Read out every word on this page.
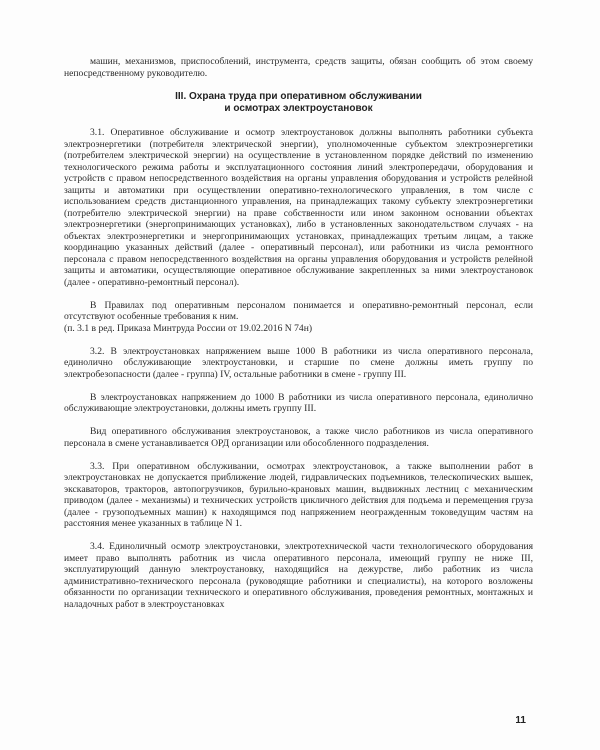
машин, механизмов, приспособлений, инструмента, средств защиты, обязан сообщить об этом своему непосредственному руководителю.

III. Охрана труда при оперативном обслуживании
и осмотрах электроустановок

3.1. Оперативное обслуживание и осмотр электроустановок должны выполнять работники субъекта электроэнергетики (потребителя электрической энергии), уполномоченные субъектом электроэнергетики (потребителем электрической энергии) на осуществление в установленном порядке действий по изменению технологического режима работы и эксплуатационного состояния линий электропередачи, оборудования и устройств с правом непосредственного воздействия на органы управления оборудования и устройств релейной защиты и автоматики при осуществлении оперативно-технологического управления, в том числе с использованием средств дистанционного управления, на принадлежащих такому субъекту электроэнергетики (потребителю электрической энергии) на праве собственности или ином законном основании объектах электроэнергетики (энергопринимающих установках), либо в установленных законодательством случаях - на объектах электроэнергетики и энергопринимающих установках, принадлежащих третьим лицам, а также координацию указанных действий (далее - оперативный персонал), или работники из числа ремонтного персонала с правом непосредственного воздействия на органы управления оборудования и устройств релейной защиты и автоматики, осуществляющие оперативное обслуживание закрепленных за ними электроустановок (далее - оперативно-ремонтный персонал).

В Правилах под оперативным персоналом понимается и оперативно-ремонтный персонал, если отсутствуют особенные требования к ним.

(п. 3.1 в ред. Приказа Минтруда России от 19.02.2016 N 74н)

3.2. В электроустановках напряжением выше 1000 В работники из числа оперативного персонала, единолично обслуживающие электроустановки, и старшие по смене должны иметь группу по электробезопасности (далее - группа) IV, остальные работники в смене - группу III.

В электроустановках напряжением до 1000 В работники из числа оперативного персонала, единолично обслуживающие электроустановки, должны иметь группу III.

Вид оперативного обслуживания электроустановок, а также число работников из числа оперативного персонала в смене устанавливается ОРД организации или обособленного подразделения.

3.3. При оперативном обслуживании, осмотрах электроустановок, а также выполнении работ в электроустановках не допускается приближение людей, гидравлических подъемников, телескопических вышек, экскаваторов, тракторов, автопогрузчиков, бурильно-крановых машин, выдвижных лестниц с механическим приводом (далее - механизмы) и технических устройств цикличного действия для подъема и перемещения груза (далее - грузоподъемных машин) к находящимся под напряжением неогражденным токоведущим частям на расстояния менее указанных в таблице N 1.

3.4. Единоличный осмотр электроустановки, электротехнической части технологического оборудования имеет право выполнять работник из числа оперативного персонала, имеющий группу не ниже III, эксплуатирующий данную электроустановку, находящийся на дежурстве, либо работник из числа административно-технического персонала (руководящие работники и специалисты), на которого возложены обязанности по организации технического и оперативного обслуживания, проведения ремонтных, монтажных и наладочных работ в электроустановках

11
